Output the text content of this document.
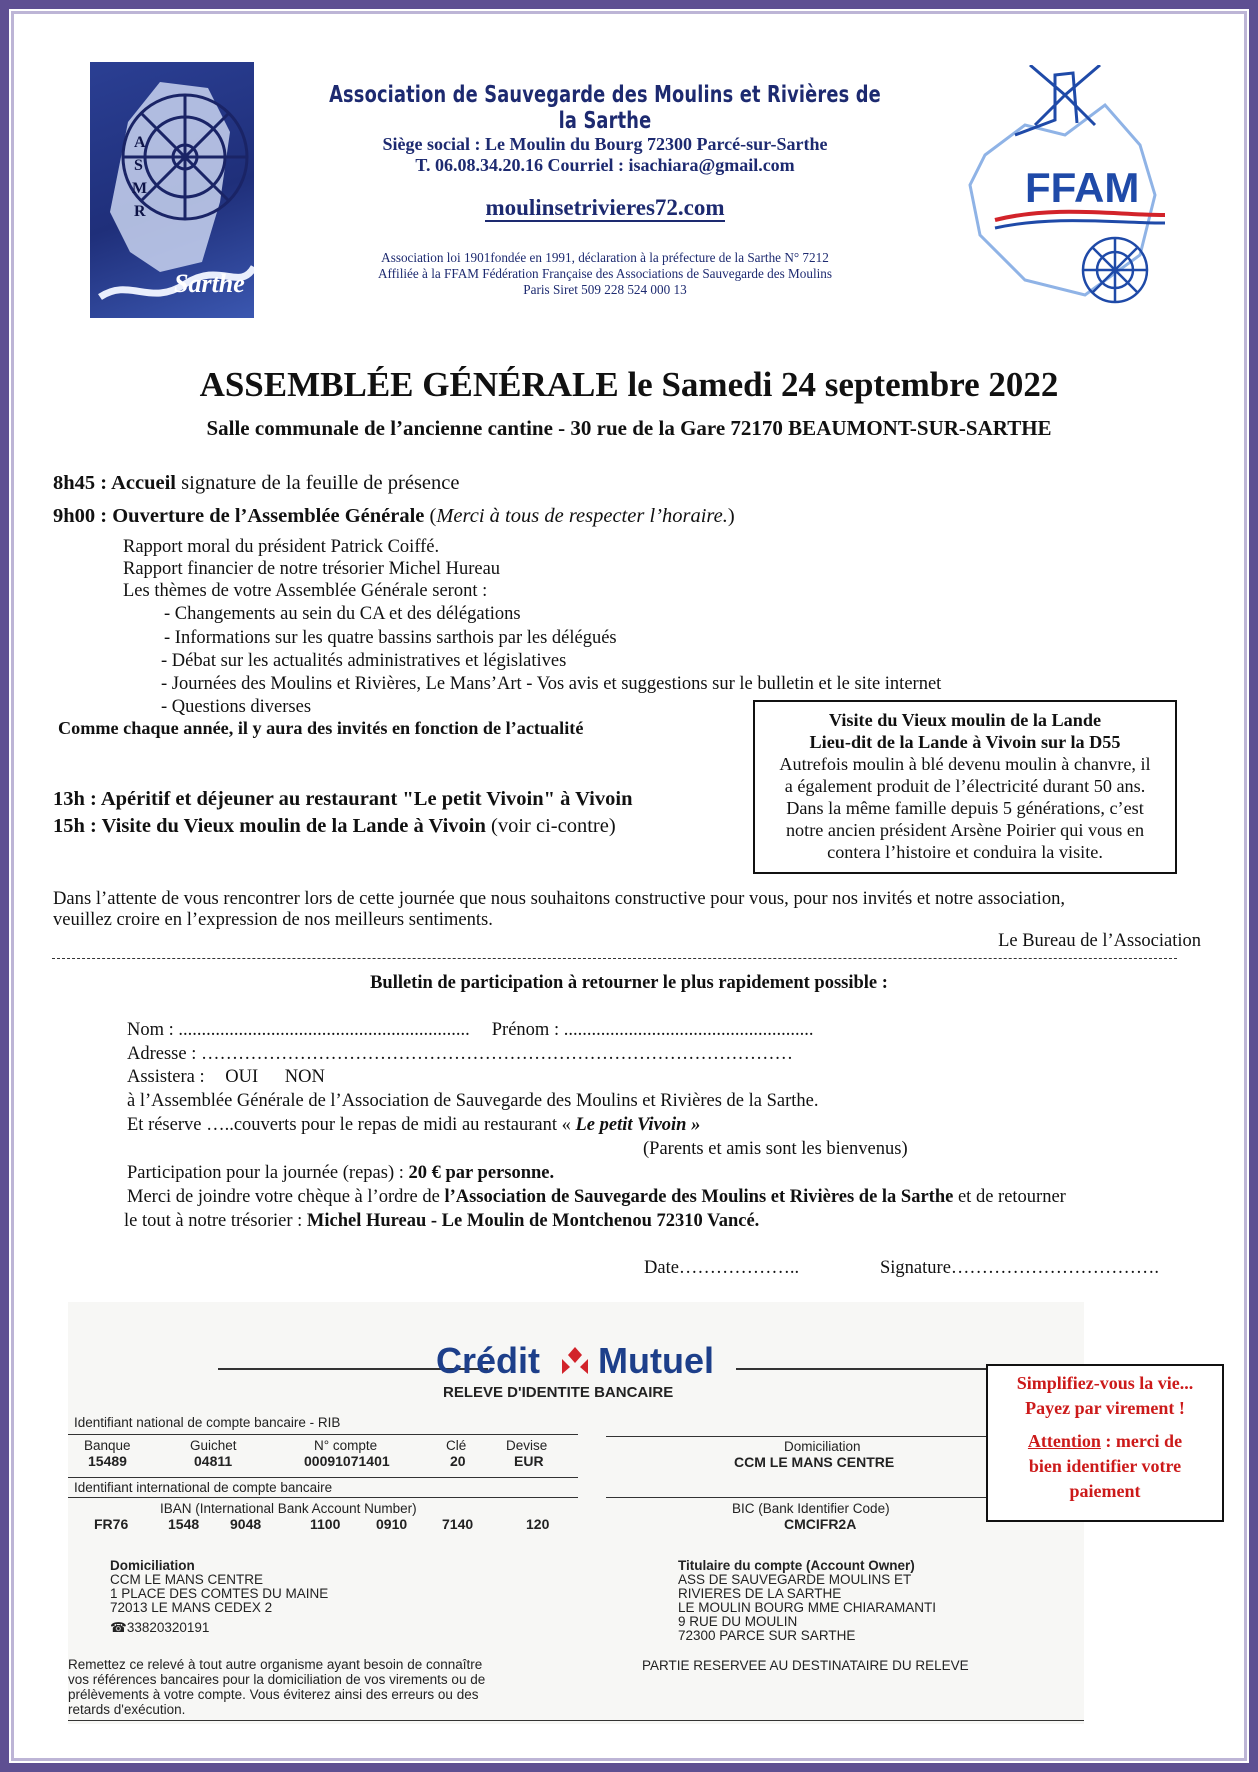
A
S
M
R
Sarthe
Association de Sauvegarde des Moulins et Rivières de la Sarthe
Siège social : Le Moulin du Bourg 72300 Parcé-sur-Sarthe
T. 06.08.34.20.16 Courriel : isachiara@gmail.com
moulinsetrivieres72.com
Association loi 1901fondée en 1991, déclaration à la préfecture de la Sarthe N° 7212
Affiliée à la FFAM Fédération Française des Associations de Sauvegarde des Moulins
Paris Siret 509 228 524 000 13
FFAM
ASSEMBLÉE GÉNÉRALE le Samedi 24 septembre 2022
Salle communale de l’ancienne cantine - 30 rue de la Gare 72170 BEAUMONT-SUR-SARTHE
8h45 : Accueil signature de la feuille de présence
9h00 : Ouverture de l’Assemblée Générale (Merci à tous de respecter l’horaire.)
Rapport moral du président Patrick Coiffé.
Rapport financier de notre trésorier Michel Hureau
Les thèmes de votre Assemblée Générale seront :
- Changements au sein du CA et des délégations
- Informations sur les quatre bassins sarthois par les délégués
- Débat sur les actualités administratives et législatives
- Journées des Moulins et Rivières, Le Mans’Art - Vos avis et suggestions sur le bulletin et le site internet
- Questions diverses
Comme chaque année, il y aura des invités en fonction de l’actualité
13h : Apéritif et déjeuner au restaurant "Le petit Vivoin" à Vivoin
15h : Visite du Vieux moulin de la Lande à Vivoin (voir ci-contre)
Visite du Vieux moulin de la Lande
Lieu-dit de la Lande à Vivoin sur la D55
Autrefois moulin à blé devenu moulin à chanvre, il
a également produit de l’électricité durant 50 ans.
Dans la même famille depuis 5 générations, c’est
notre ancien président Arsène Poirier qui vous en
contera l’histoire et conduira la visite.
Dans l’attente de vous rencontrer lors de cette journée que nous souhaitons constructive pour vous, pour nos invités et notre association,
veuillez croire en l’expression de nos meilleurs sentiments.
Le Bureau de l’Association
Bulletin de participation à retourner le plus rapidement possible :
Nom : ............................................................... Prénom : ......................................................
Adresse : ……………………………………………………………………………………
Assistera : OUI NON
à l’Assemblée Générale de l’Association de Sauvegarde des Moulins et Rivières de la Sarthe.
Et réserve …..couverts pour le repas de midi au restaurant « Le petit Vivoin »
(Parents et amis sont les bienvenus)
Participation pour la journée (repas) : 20 € par personne.
Merci de joindre votre chèque à l’ordre de l’Association de Sauvegarde des Moulins et Rivières de la Sarthe et de retourner
le tout à notre trésorier : Michel Hureau - Le Moulin de Montchenou 72310 Vancé.
Date………………..	Signature…………………………….
Crédit Mutuel
RELEVE D'IDENTITE BANCAIRE
Identifiant national de compte bancaire - RIB
Banque	Guichet	N° compte	Clé	Devise
15489	04811	00091071401	20	EUR
Domiciliation
CCM LE MANS CENTRE
Identifiant international de compte bancaire
IBAN (International Bank Account Number)
FR76	1548 9048	1100	0910 7140	120
BIC (Bank Identifier Code)
CMCIFR2A
Domiciliation
CCM LE MANS CENTRE
1 PLACE DES COMTES DU MAINE
72013 LE MANS CEDEX 2
☎33820320191
Titulaire du compte (Account Owner)
ASS DE SAUVEGARDE MOULINS ET
RIVIERES DE LA SARTHE
LE MOULIN BOURG MME CHIARAMANTI
9 RUE DU MOULIN
72300 PARCE SUR SARTHE
Remettez ce relevé à tout autre organisme ayant besoin de connaître
vos références bancaires pour la domiciliation de vos virements ou de
prélèvements à votre compte. Vous éviterez ainsi des erreurs ou des
retards d'exécution.
PARTIE RESERVEE AU DESTINATAIRE DU RELEVE
Simplifiez-vous la vie...
Payez par virement !
Attention : merci de
bien identifier votre
paiement
